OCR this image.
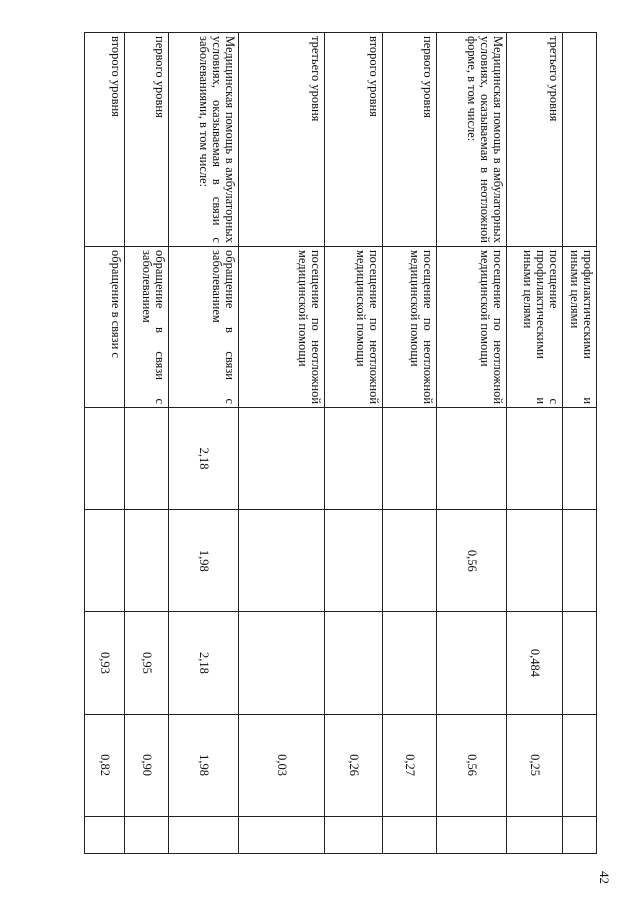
42
	профилактическими и иными целями					
третьего уровня	посещение с профилактическими и иными целями			0,484	0,25	
Медицинская помощь в амбулаторных условиях, оказываемая в неотложной форме, в том числе:	посещение по неотложной медицинской помощи		0,56		0,56	
первого уровня	посещение по неотложной медицинской помощи				0,27	
второго уровня	посещение по неотложной медицинской помощи				0,26	
третьего уровня	посещение по неотложной медицинской помощи				0,03	
Медицинская помощь в амбулаторных условиях, оказываемая в связи с заболеваниями, в том числе:	обращение в связи с заболеванием	2,18	1,98	2,18	1,98	
первого уровня	обращение в связи с заболеванием			0,95	0,90	
второго уровня	обращение в связи с			0,93	0,82	
